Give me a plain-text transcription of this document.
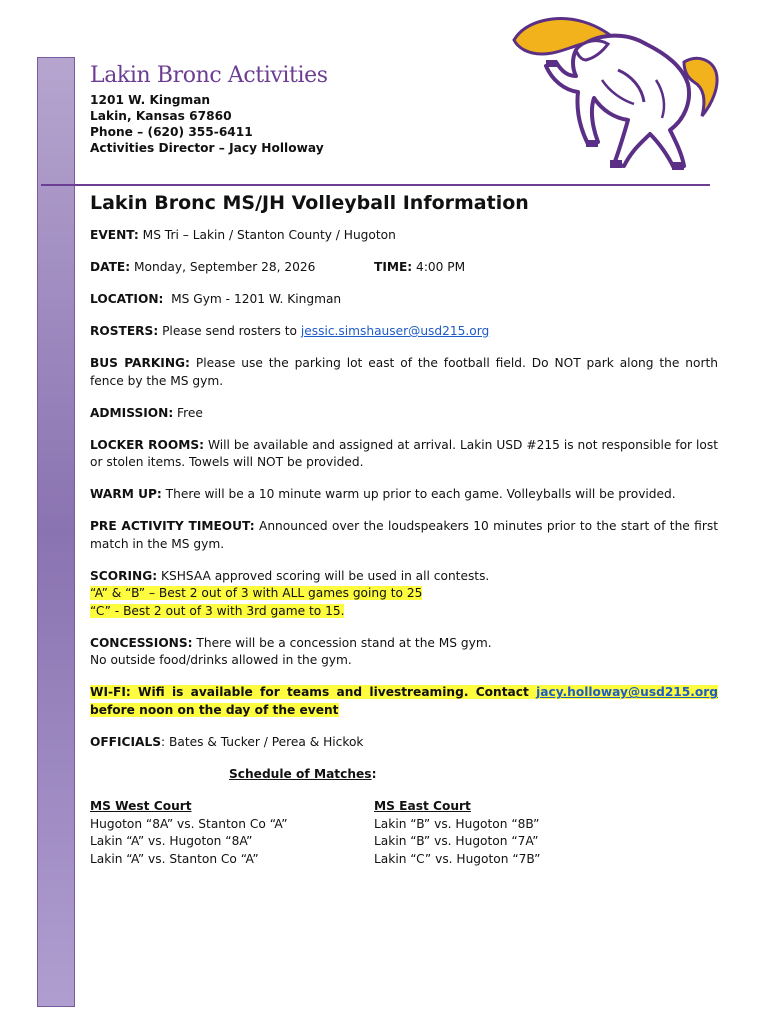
Lakin Bronc Activities
1201 W. Kingman
Lakin, Kansas 67860
Phone – (620) 355-6411
Activities Director – Jacy Holloway
Lakin Bronc MS/JH Volleyball Information
EVENT: MS Tri – Lakin / Stanton County / Hugoton
DATE: Monday, September 28, 2026	TIME: 4:00 PM
LOCATION:  MS Gym - 1201 W. Kingman
ROSTERS: Please send rosters to jessic.simshauser@usd215.org
BUS PARKING: Please use the parking lot east of the football field. Do NOT park along the north fence by the MS gym.
ADMISSION: Free
LOCKER ROOMS: Will be available and assigned at arrival. Lakin USD #215 is not responsible for lost or stolen items. Towels will NOT be provided.
WARM UP: There will be a 10 minute warm up prior to each game. Volleyballs will be provided.
PRE ACTIVITY TIMEOUT: Announced over the loudspeakers 10 minutes prior to the start of the first match in the MS gym.
SCORING: KSHSAA approved scoring will be used in all contests.
“A” & “B” – Best 2 out of 3 with ALL games going to 25
“C” - Best 2 out of 3 with 3rd game to 15.
CONCESSIONS: There will be a concession stand at the MS gym.
No outside food/drinks allowed in the gym.
WI-FI: Wifi is available for teams and livestreaming. Contact jacy.holloway@usd215.org before noon on the day of the event
OFFICIALS: Bates & Tucker / Perea & Hickok
Schedule of Matches:
MS West Court
Hugoton “8A” vs. Stanton Co “A”
Lakin “A” vs. Hugoton “8A”
Lakin “A” vs. Stanton Co “A”
MS East Court
Lakin “B” vs. Hugoton “8B”
Lakin “B” vs. Hugoton “7A”
Lakin “C” vs. Hugoton “7B”
